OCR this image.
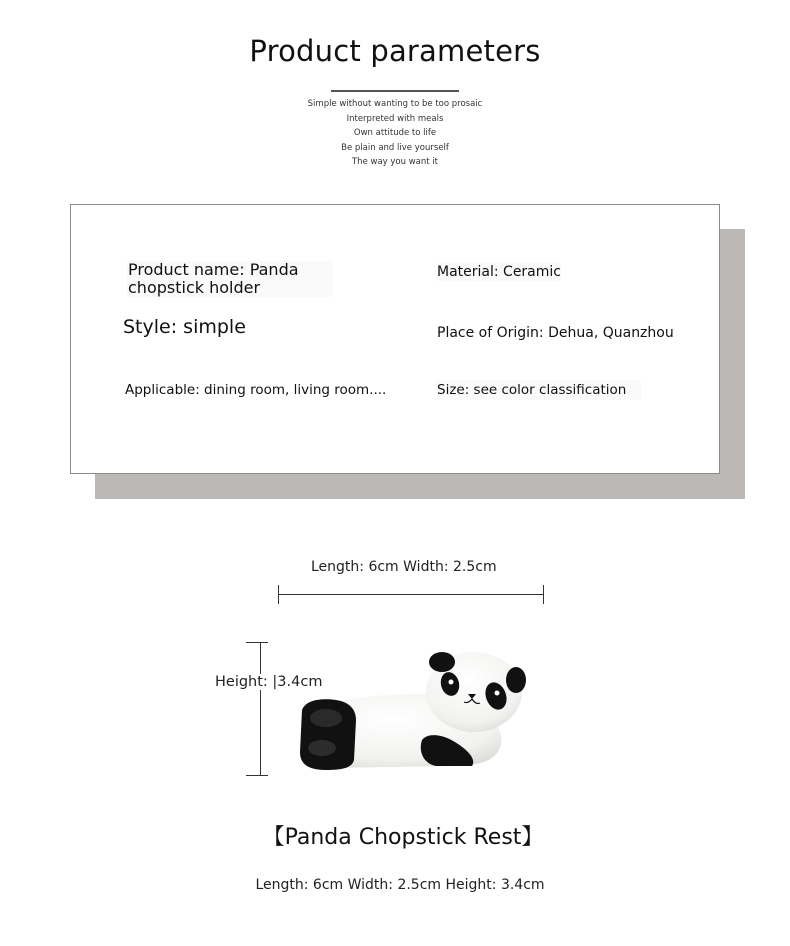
Product parameters
Simple without wanting to be too prosaic
Interpreted with meals
Own attitude to life
Be plain and live yourself
The way you want it
Product name: Panda chopstick holder
Style: simple
Applicable: dining room, living room....
Material: Ceramic
Place of Origin: Dehua, Quanzhou
Size: see color classification
Length: 6cm Width: 2.5cm
Height: |3.4cm
【Panda Chopstick Rest】
Length: 6cm Width: 2.5cm Height: 3.4cm
